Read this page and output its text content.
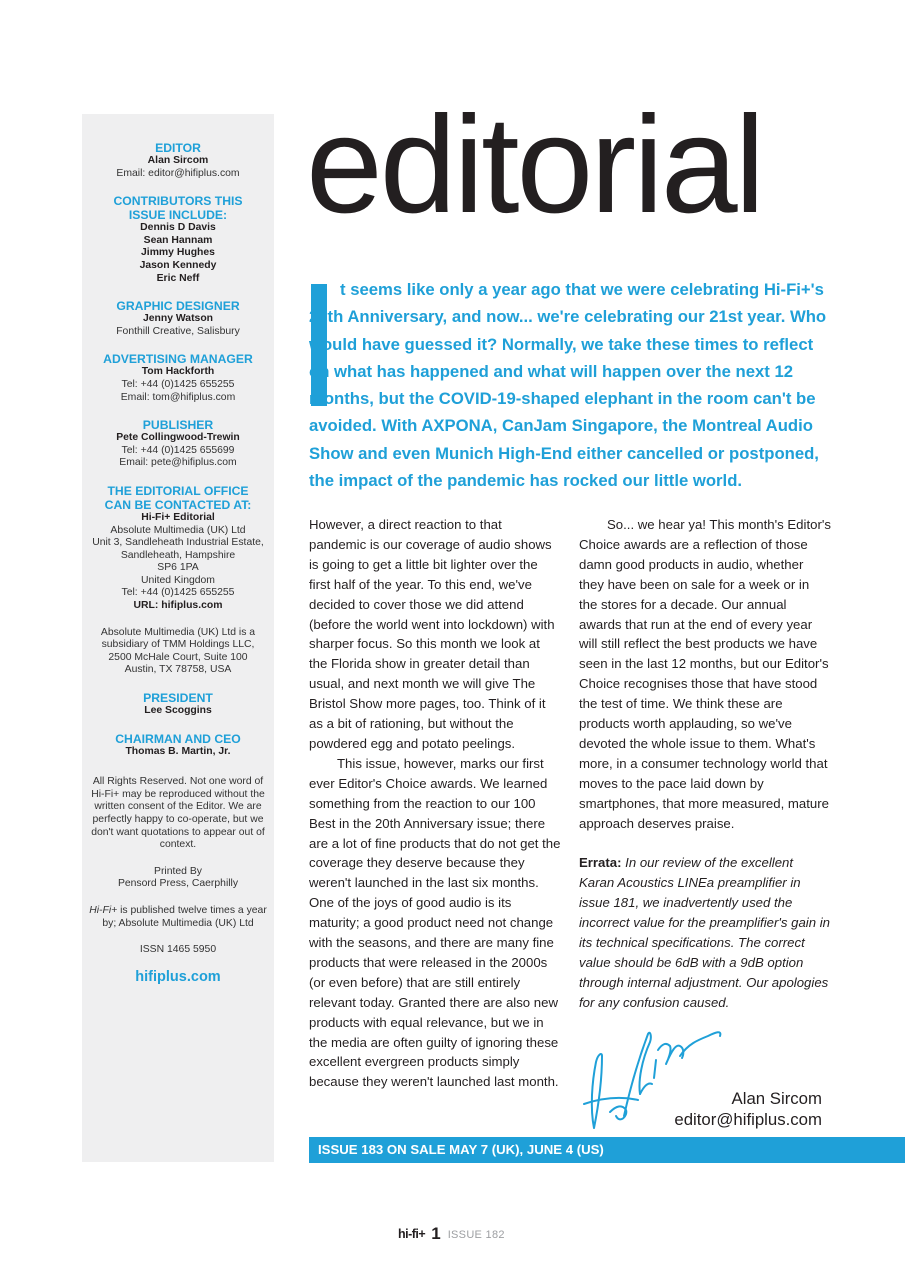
EDITOR
Alan Sircom
Email: editor@hifiplus.com
CONTRIBUTORS THIS ISSUE INCLUDE:
Dennis D Davis
Sean Hannam
Jimmy Hughes
Jason Kennedy
Eric Neff
GRAPHIC DESIGNER
Jenny Watson
Fonthill Creative, Salisbury
ADVERTISING MANAGER
Tom Hackforth
Tel: +44 (0)1425 655255
Email: tom@hifiplus.com
PUBLISHER
Pete Collingwood-Trewin
Tel: +44 (0)1425 655699
Email: pete@hifiplus.com
THE EDITORIAL OFFICE CAN BE CONTACTED AT:
Hi-Fi+ Editorial
Absolute Multimedia (UK) Ltd
Unit 3, Sandleheath Industrial Estate,
Sandleheath, Hampshire
SP6 1PA
United Kingdom
Tel: +44 (0)1425 655255
URL: hifiplus.com
Absolute Multimedia (UK) Ltd is a subsidiary of TMM Holdings LLC, 2500 McHale Court, Suite 100 Austin, TX 78758, USA
PRESIDENT
Lee Scoggins
CHAIRMAN AND CEO
Thomas B. Martin, Jr.
All Rights Reserved. Not one word of Hi-Fi+ may be reproduced without the written consent of the Editor. We are perfectly happy to co-operate, but we don't want quotations to appear out of context.
Printed By
Pensord Press, Caerphilly
Hi-Fi+ is published twelve times a year by; Absolute Multimedia (UK) Ltd
ISSN 1465 5950
hifiplus.com
editorial
I	t seems like only a year ago that we were celebrating Hi-Fi+'s 20th Anniversary, and now... we're celebrating our 21st year. Who would have guessed it? Normally, we take these times to reflect on what has happened and what will happen over the next 12 months, but the COVID-19-shaped elephant in the room can't be avoided. With AXPONA, CanJam Singapore, the Montreal Audio Show and even Munich High-End either cancelled or postponed, the impact of the pandemic has rocked our little world.

However, a direct reaction to that pandemic is our coverage of audio shows is going to get a little bit lighter over the first half of the year. To this end, we've decided to cover those we did attend (before the world went into lockdown) with sharper focus. So this month we look at the Florida show in greater detail than usual, and next month we will give The Bristol Show more pages, too. Think of it as a bit of rationing, but without the powdered egg and potato peelings.

This issue, however, marks our first ever Editor's Choice awards. We learned something from the reaction to our 100 Best in the 20th Anniversary issue; there are a lot of fine products that do not get the coverage they deserve because they weren't launched in the last six months. One of the joys of good audio is its maturity; a good product need not change with the seasons, and there are many fine products that were released in the 2000s (or even before) that are still entirely relevant today. Granted there are also new products with equal relevance, but we in the media are often guilty of ignoring these excellent evergreen products simply because they weren't launched last month.

So... we hear ya! This month's Editor's Choice awards are a reflection of those damn good products in audio, whether they have been on sale for a week or in the stores for a decade. Our annual awards that run at the end of every year will still reflect the best products we have seen in the last 12 months, but our Editor's Choice recognises those that have stood the test of time. We think these are products worth applauding, so we've devoted the whole issue to them. What's more, in a consumer technology world that moves to the pace laid down by smartphones, that more measured, mature approach deserves praise.

Errata: In our review of the excellent Karan Acoustics LINEa preamplifier in issue 181, we inadvertently used the incorrect value for the preamplifier's gain in its technical specifications. The correct value should be 6dB with a 9dB option through internal adjustment. Our apologies for any confusion caused.

Alan Sircom
editor@hifiplus.com
ISSUE 183 ON SALE MAY 7 (UK), JUNE 4 (US)
hi-fi+ 1 ISSUE 182
